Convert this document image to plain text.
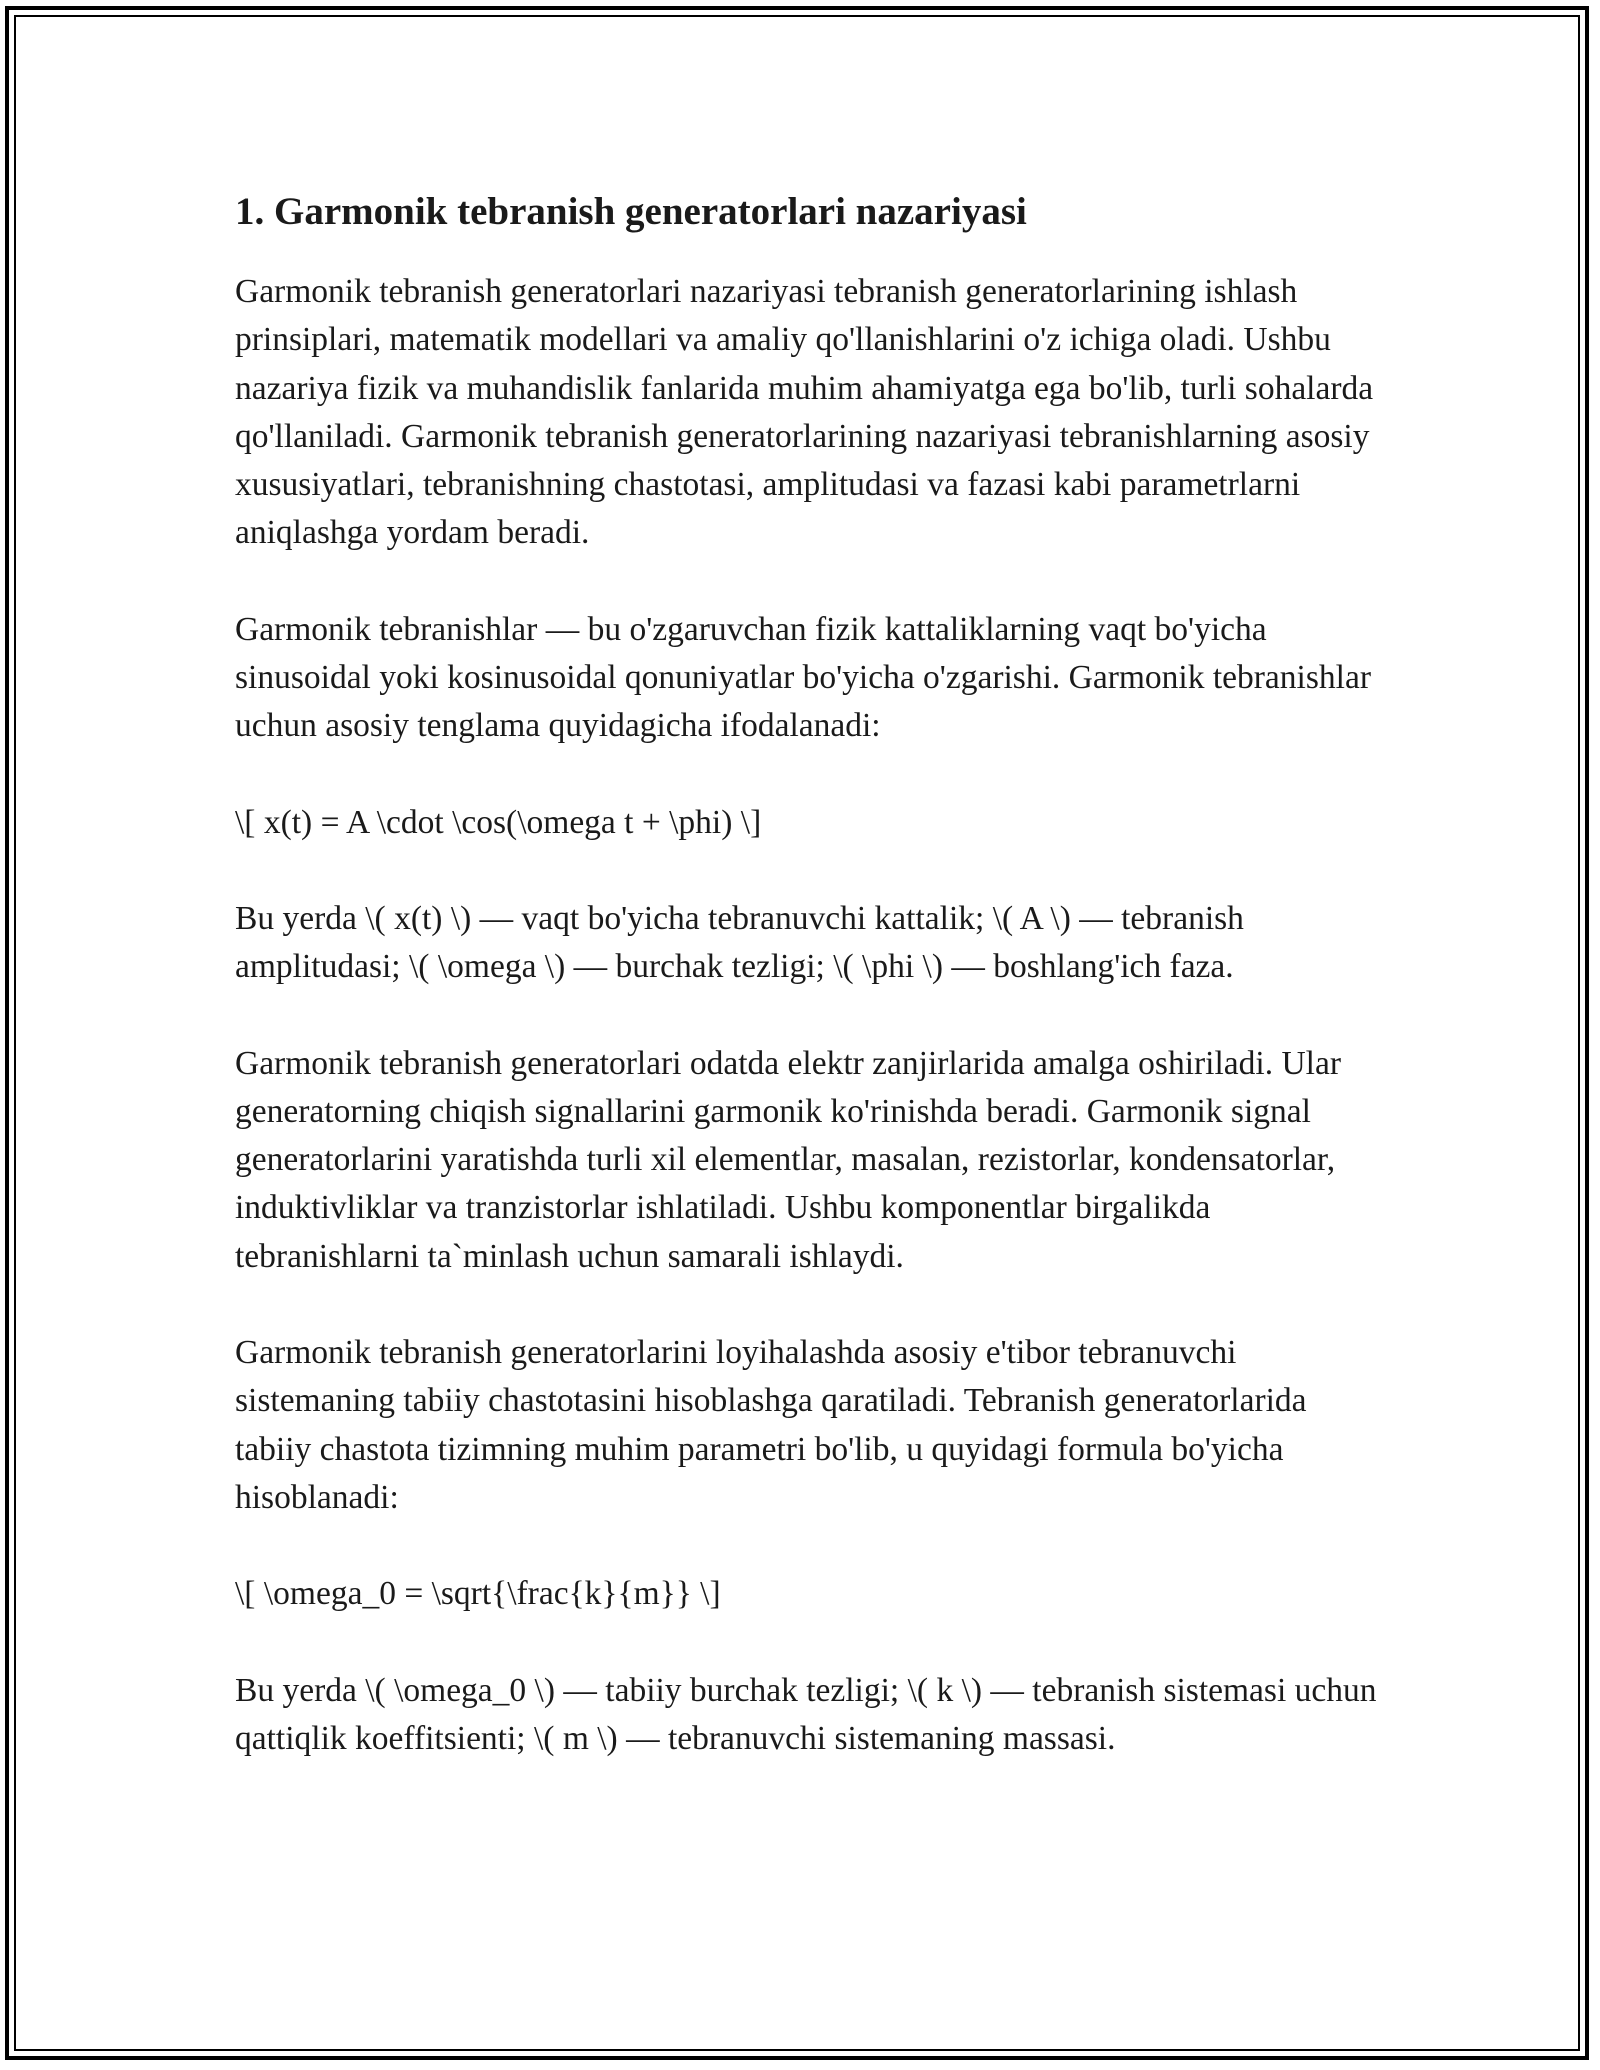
1. Garmonik tebranish generatorlari nazariyasi

Garmonik tebranish generatorlari nazariyasi tebranish generatorlarining ishlash prinsiplari, matematik modellari va amaliy qo'llanishlarini o'z ichiga oladi. Ushbu nazariya fizik va muhandislik fanlarida muhim ahamiyatga ega bo'lib, turli sohalarda qo'llaniladi. Garmonik tebranish generatorlarining nazariyasi tebranishlarning asosiy xususiyatlari, tebranishning chastotasi, amplitudasi va fazasi kabi parametrlarni aniqlashga yordam beradi.

Garmonik tebranishlar — bu o'zgaruvchan fizik kattaliklarning vaqt bo'yicha sinusoidal yoki kosinusoidal qonuniyatlar bo'yicha o'zgarishi. Garmonik tebranishlar uchun asosiy tenglama quyidagicha ifodalanadi:

\[ x(t) = A \cdot \cos(\omega t + \phi) \]

Bu yerda \( x(t) \) — vaqt bo'yicha tebranuvchi kattalik; \( A \) — tebranish amplitudasi; \( \omega \) — burchak tezligi; \( \phi \) — boshlang'ich faza.

Garmonik tebranish generatorlari odatda elektr zanjirlarida amalga oshiriladi. Ular generatorning chiqish signallarini garmonik ko'rinishda beradi. Garmonik signal generatorlarini yaratishda turli xil elementlar, masalan, rezistorlar, kondensatorlar, induktivliklar va tranzistorlar ishlatiladi. Ushbu komponentlar birgalikda tebranishlarni ta`minlash uchun samarali ishlaydi.

Garmonik tebranish generatorlarini loyihalashda asosiy e'tibor tebranuvchi sistemaning tabiiy chastotasini hisoblashga qaratiladi. Tebranish generatorlarida tabiiy chastota tizimning muhim parametri bo'lib, u quyidagi formula bo'yicha hisoblanadi:

\[ \omega_0 = \sqrt{\frac{k}{m}} \]

Bu yerda \( \omega_0 \) — tabiiy burchak tezligi; \( k \) — tebranish sistemasi uchun qattiqlik koeffitsienti; \( m \) — tebranuvchi sistemaning massasi.
